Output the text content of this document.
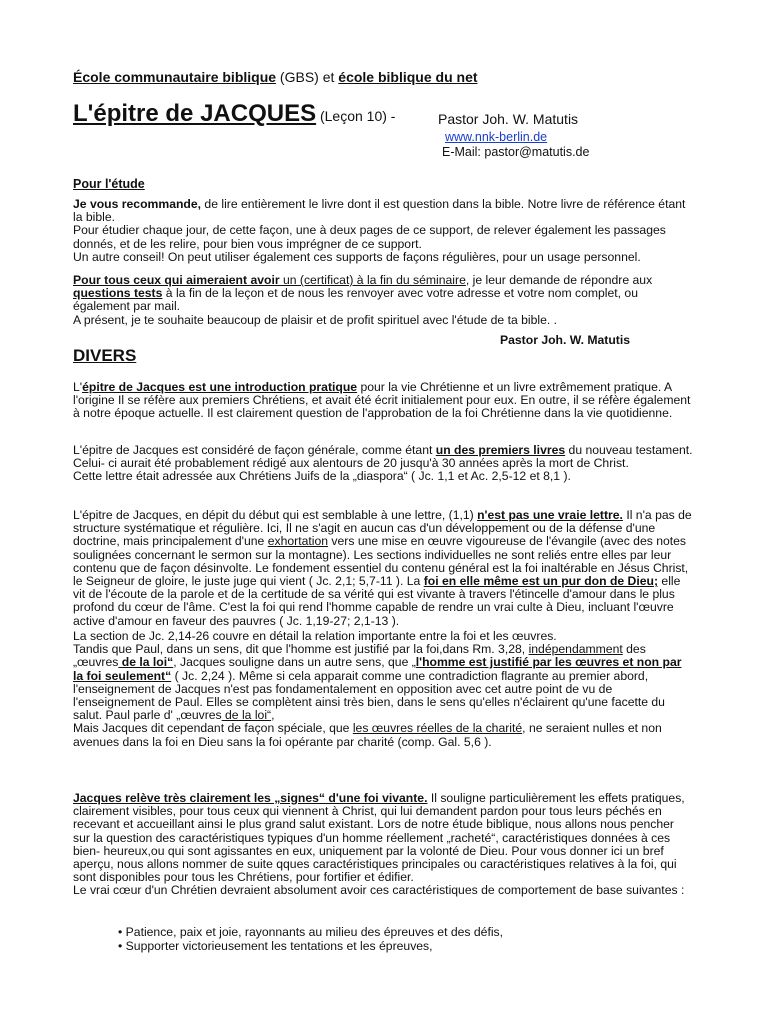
École communautaire biblique (GBS) et école biblique du net
L'épitre de JACQUES (Leçon 10) -	Pastor Joh. W. Matutis
www.nnk-berlin.de
E-Mail: pastor@matutis.de
Pour l'étude

Je vous recommande, de lire entièrement le livre dont il est question dans la bible. Notre livre de référence étant la bible.
Pour étudier chaque jour, de cette façon, une à deux pages de ce support, de relever également les passages donnés, et de les relire, pour bien vous imprégner de ce support.
Un autre conseil! On peut utiliser également ces supports de façons régulières, pour un usage personnel.

Pour tous ceux qui aimeraient avoir un (certificat) à la fin du séminaire, je leur demande de répondre aux questions tests à la fin de la leçon et de nous les renvoyer avec votre adresse et votre nom complet, ou également par mail.
A présent, je te souhaite beaucoup de plaisir et de profit spirituel avec l'étude de ta bible. .

Pastor Joh. W. Matutis
DIVERS

L'épitre de Jacques est une introduction pratique pour la vie Chrétienne et un livre extrêmement pratique. A l'origine Il se réfère aux premiers Chrétiens, et avait été écrit initialement pour eux. En outre, il se réfère également à notre époque actuelle. Il est clairement question de l'approbation de la foi Chrétienne dans la vie quotidienne.

L'épitre de Jacques est considéré de façon générale, comme étant un des premiers livres du nouveau testament.
Celui- ci aurait été probablement rédigé aux alentours de 20 jusqu'à 30 années après la mort de Christ.
Cette lettre était adressée aux Chrétiens Juifs de la „diaspora“ ( Jc. 1,1 et Ac. 2,5-12 et 8,1 ).

L'épitre de Jacques, en dépit du début qui est semblable à une lettre, (1,1) n'est pas une vraie lettre. Il n'a pas de structure systématique et régulière. Ici, Il ne s'agit en aucun cas d'un développement ou de la défense d'une doctrine, mais principalement d'une exhortation vers une mise en œuvre vigoureuse de l'évangile (avec des notes soulignées concernant le sermon sur la montagne). Les sections individuelles ne sont reliés entre elles par leur contenu que de façon désinvolte. Le fondement essentiel du contenu général est la foi inaltérable en Jésus Christ, le Seigneur de gloire, le juste juge qui vient ( Jc. 2,1; 5,7-11 ). La foi en elle même est un pur don de Dieu; elle vit de l'écoute de la parole et de la certitude de sa vérité qui est vivante à travers l'étincelle d'amour dans le plus profond du cœur de l'âme. C'est la foi qui rend l'homme capable de rendre un vrai culte à Dieu, incluant l'œuvre active d'amour en faveur des pauvres ( Jc. 1,19-27; 2,1-13 ).

La section de Jc. 2,14-26 couvre en détail la relation importante entre la foi et les œuvres.
Tandis que Paul, dans un sens, dit que l'homme est justifié par la foi,dans Rm. 3,28, indépendamment des „œuvres de la loi“, Jacques souligne dans un autre sens, que „l'homme est justifié par les œuvres et non par la foi seulement“ ( Jc. 2,24 ). Même si cela apparait comme une contradiction flagrante au premier abord, l'enseignement de Jacques n'est pas fondamentalement en opposition avec cet autre point de vu de l'enseignement de Paul. Elles se complètent ainsi très bien, dans le sens qu'elles n'éclairent qu'une facette du salut. Paul parle d' „œuvres de la loi“,
Mais Jacques dit cependant de façon spéciale, que les œuvres réelles de la charité, ne seraient nulles et non avenues dans la foi en Dieu sans la foi opérante par charité (comp. Gal. 5,6 ).

Jacques relève très clairement les „signes“ d'une foi vivante. Il souligne particulièrement les effets pratiques, clairement visibles, pour tous ceux qui viennent à Christ, qui lui demandent pardon pour tous leurs péchés en recevant et accueillant ainsi le plus grand salut existant. Lors de notre étude biblique, nous allons nous pencher sur la question des caractéristiques typiques d'un homme réellement „racheté“, caractéristiques données à ces bien- heureux,ou qui sont agissantes en eux, uniquement par la volonté de Dieu. Pour vous donner ici un bref aperçu, nous allons nommer de suite qques caractéristiques principales ou caractéristiques relatives à la foi, qui sont disponibles pour tous les Chrétiens, pour fortifier et édifier.
Le vrai cœur d'un Chrétien devraient absolument avoir ces caractéristiques de comportement de base suivantes :

• Patience, paix et joie, rayonnants au milieu des épreuves et des défis,
• Supporter victorieusement les tentations et les épreuves,
